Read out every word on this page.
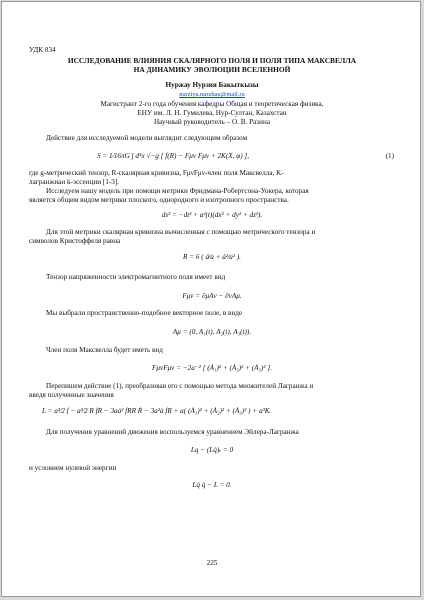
УДК 834
ИССЛЕДОВАНИЕ ВЛИЯНИЯ СКАЛЯРНОГО ПОЛЯ И ПОЛЯ ТИПА МАКСВЕЛЛА
НА ДИНАМИКУ ЭВОЛЮЦИИ ВСЕЛЕННОЙ
Нуржау Нурзия Бакыткызы
nurziya.nurzhau@mail.ru
Магистрант 2-го года обучения кафедры Общая и теоретическая физика,
ЕНУ им. Л. Н. Гумилева, Нур-Султан, Казахстан
Научный руководитель – О. В. Разина
Действие для исследуемой модели выглядит следующим образом
S = 1⁄16πG ∫ d⁴x √−g [ f(R) − Fμν Fμν + 2K(X, φ) ],	(1)
где g-метрический тензор, R-скалярная кривизна, FμνFμν-член поля Максвелла, K-
лагранжиан k-эссенции [1-3].
Исследуем нашу модель при помощи метрики Фридмана-Робертсона-Уокера, которая
является общим видом метрики плоского, однородного и изотропного пространства.
ds² = −dt² + a²(t)(dx² + dy² + dz²).
Для этой метрики скалярная кривизна вычисленная с помощью метрического тензора и
символов Кристоффеля равна
R = 6 ( ä⁄a + ȧ²⁄a² ).
Тензор напряженности электромагнитного поля имеет вид
Fμν = ∂μAν − ∂νAμ.
Мы выбрали пространственно-подобное векторное поле, в виде
Aμ = (0, A₁(t), A₂(t), A₃(t)).
Член поля Максвелла будет иметь вид
FμνFμν = −2a⁻² [ (Ȧ₁)² + (Ȧ₂)² + (Ȧ₃)² ].
Перепишем действие (1), преобразовав его с помощью метода множителей Лагранжа и
введя полученные значения
L = a³⁄2 f − a³⁄2 R fR − 3aȧ² fRR Ṙ − 3a²ȧ fR + a( (Ȧ₁)² + (Ȧ₂)² + (Ȧ₃)² ) + a³K.
Для получения уравнений движения воспользуемся уравнением Эйлера-Лагранжа
Lq − (Lq̇)ₜ = 0
и условием нулевой энергии
Lq̇ q̇ − L = 0.
225
